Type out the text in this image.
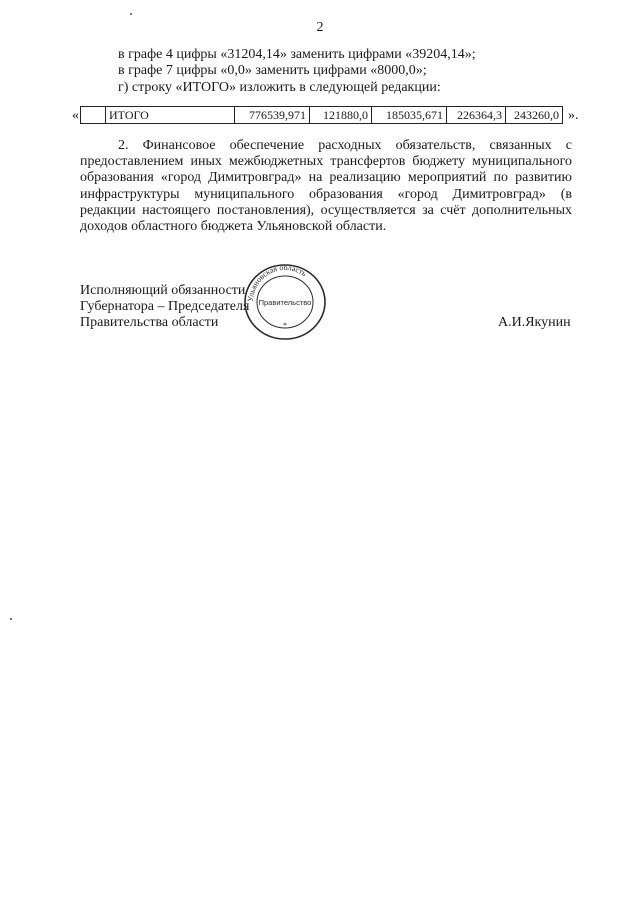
2
в графе 4 цифры «31204,14» заменить цифрами «39204,14»;
в графе 7 цифры «0,0» заменить цифрами «8000,0»;
г) строку «ИТОГО» изложить в следующей редакции:
«
		ИТОГО	776539,971	121880,0	185035,671	226364,3	243260,0 ».
2. Финансовое обеспечение расходных обязательств, связанных с предоставлением иных межбюджетных трансфертов бюджету муниципального образования «город Димитровград» на реализацию мероприятий по развитию инфраструктуры муниципального образования «город Димитровград» (в редакции настоящего постановления), осуществляется за счёт дополнительных доходов областного бюджета Ульяновской области.
Исполняющий обязанности
Губернатора – Председателя
Правительства области	А.И.Якунин
Ульяновская область
Правительство
*
